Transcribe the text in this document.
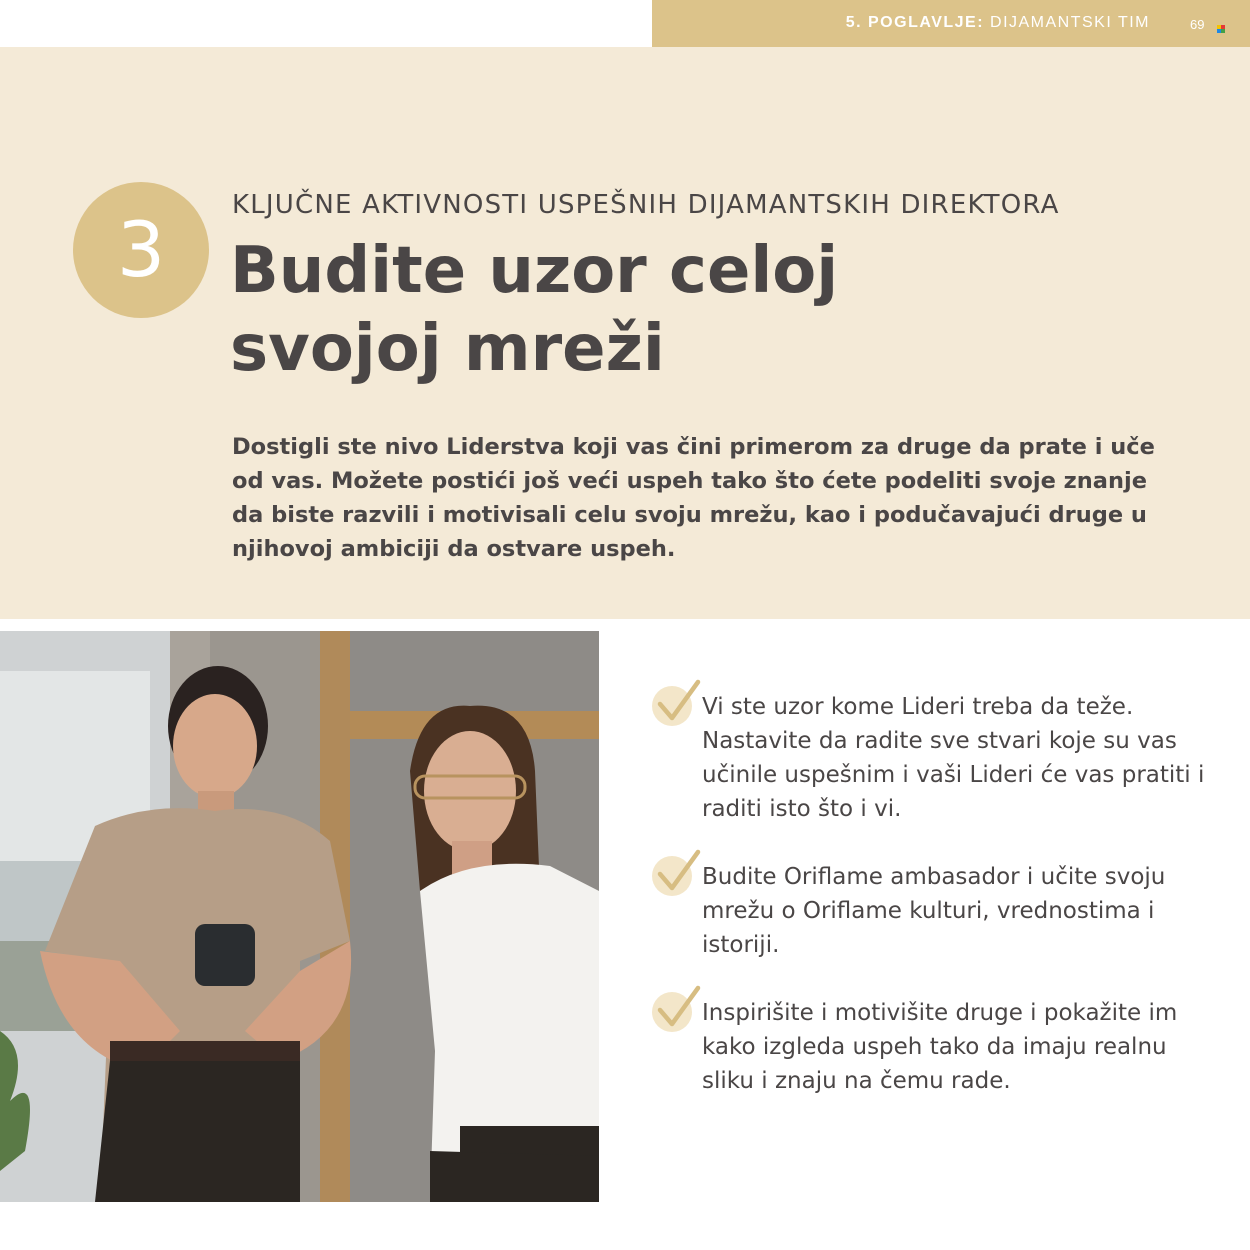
5. POGLAVLJE: DIJAMANTSKI TIM	69
3	KLJUČNE AKTIVNOSTI USPEŠNIH DIJAMANTSKIH DIREKTORA
Budite uzor celoj
svojoj mreži
Dostigli ste nivo Liderstva koji vas čini primerom za druge da prate i uče od vas. Možete postići još veći uspeh tako što ćete podeliti svoje znanje da biste razvili i motivisali celu svoju mrežu, kao i podučavajući druge u njihovoj ambiciji da ostvare uspeh.
Vi ste uzor kome Lideri treba da teže. Nastavite da radite sve stvari koje su vas učinile uspešnim i vaši Lideri će vas pratiti i raditi isto što i vi.
Budite Oriflame ambasador i učite svoju mrežu o Oriflame kulturi, vrednostima i istoriji.
Inspirišite i motivišite druge i pokažite im kako izgleda uspeh tako da imaju realnu sliku i znaju na čemu rade.
